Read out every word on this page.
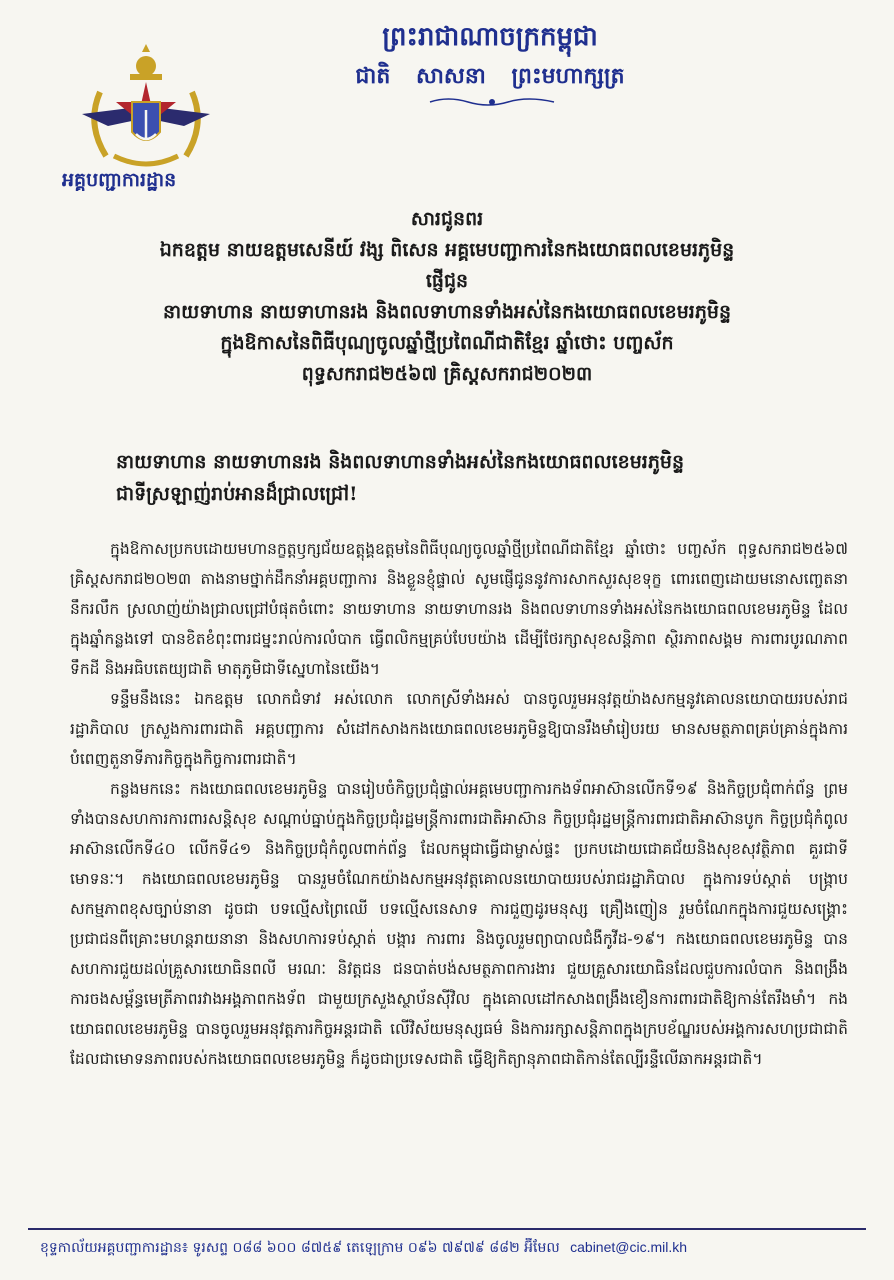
អគ្គបញ្ជាការដ្ឋាន
ព្រះរាជាណាចក្រកម្ពុជា
ជាតិ សាសនា ព្រះមហាក្សត្រ
សារជូនពរ
ឯកឧត្តម នាយឧត្តមសេនីយ៍ វង្ស ពិសេន អគ្គមេបញ្ជាការនៃកងយោធពលខេមរភូមិន្ទ
ផ្ញើជូន
នាយទាហាន នាយទាហានរង និងពលទាហានទាំងអស់នៃកងយោធពលខេមរភូមិន្ទ
ក្នុងឱកាសនៃពិធីបុណ្យចូលឆ្នាំថ្មីប្រពៃណីជាតិខ្មែរ ឆ្នាំថោះ បញ្ចស័ក
ពុទ្ធសករាជ២៥៦៧ គ្រិស្តសករាជ២០២៣
នាយទាហាន នាយទាហានរង និងពលទាហានទាំងអស់នៃកងយោធពលខេមរភូមិន្ទ
ជាទីស្រឡាញ់រាប់អានដ៏ជ្រាលជ្រៅ!

ក្នុងឱកាសប្រកបដោយមហានក្ខត្តឫក្សជ័យឧត្តុង្គឧត្តមនៃពិធីបុណ្យចូលឆ្នាំថ្មីប្រពៃណីជាតិខ្មែរ ឆ្នាំថោះ បញ្ចស័ក ពុទ្ធសករាជ២៥៦៧ គ្រិស្តសករាជ២០២៣ តាងនាមថ្នាក់ដឹកនាំអគ្គបញ្ជាការ និងខ្លួនខ្ញុំផ្ទាល់ សូមផ្ញើជូននូវការសាកសួរសុខទុក្ខ ពោរពេញដោយមនោសញ្ចេតនានឹករលឹក ស្រលាញ់យ៉ាងជ្រាលជ្រៅបំផុតចំពោះ នាយទាហាន នាយទាហានរង និងពលទាហានទាំងអស់នៃកងយោធពលខេមរភូមិន្ទ ដែលក្នុងឆ្នាំកន្លងទៅ បានខិតខំពុះពារជម្នះរាល់ការលំបាក ធ្វើពលិកម្មគ្រប់បែបយ៉ាង ដើម្បីថែរក្សាសុខសន្តិភាព ស្ថិរភាពសង្គម ការពារបូរណភាពទឹកដី និងអធិបតេយ្យជាតិ មាតុភូមិជាទីស្នេហានៃយើង។

ទន្ទឹមនឹងនេះ ឯកឧត្តម លោកជំទាវ អស់លោក លោកស្រីទាំងអស់ បានចូលរួមអនុវត្តយ៉ាងសកម្មនូវគោលនយោបាយរបស់រាជរដ្ឋាភិបាល ក្រសួងការពារជាតិ អគ្គបញ្ជាការ សំដៅកសាងកងយោធពលខេមរភូមិន្ទឱ្យបានរឹងមាំរៀបរយ មានសមត្ថភាពគ្រប់គ្រាន់ក្នុងការបំពេញតួនាទីភារកិច្ចក្នុងកិច្ចការពារជាតិ។

កន្លងមកនេះ កងយោធពលខេមរភូមិន្ទ បានរៀបចំកិច្ចប្រជុំផ្ទាល់អគ្គមេបញ្ជាការកងទ័ពអាស៊ានលើកទី១៩ និងកិច្ចប្រជុំពាក់ព័ន្ធ ព្រមទាំងបានសហការការពារសន្តិសុខ សណ្តាប់ធ្នាប់ក្នុងកិច្ចប្រជុំរដ្ឋមន្ត្រីការពារជាតិអាស៊ាន កិច្ចប្រជុំរដ្ឋមន្ត្រីការពារជាតិអាស៊ានបូក កិច្ចប្រជុំកំពូលអាស៊ានលើកទី៤០ លើកទី៤១ និងកិច្ចប្រជុំកំពូលពាក់ព័ន្ធ ដែលកម្ពុជាធ្វើជាម្ចាស់ផ្ទះ ប្រកបដោយជោគជ័យនិងសុខសុវត្ថិភាព គួរជាទីមោទនៈ។ កងយោធពលខេមរភូមិន្ទ បានរួមចំណែកយ៉ាងសកម្មអនុវត្តគោលនយោបាយរបស់រាជរដ្ឋាភិបាល ក្នុងការទប់ស្កាត់ បង្ក្រាបសកម្មភាពខុសច្បាប់នានា ដូចជា បទល្មើសព្រៃឈើ បទល្មើសនេសាទ ការជួញដូរមនុស្ស គ្រឿងញៀន រួមចំណែកក្នុងការជួយសង្គ្រោះប្រជាជនពីគ្រោះមហន្តរាយនានា និងសហការទប់ស្កាត់ បង្ការ ការពារ និងចូលរួមព្យាបាលជំងឺកូវីដ-១៩។ កងយោធពលខេមរភូមិន្ទ បានសហការជួយដល់គ្រួសារយោធិនពលី មរណៈ និវត្តជន ជនបាត់បង់សមត្ថភាពការងារ ជួយគ្រួសារយោធិនដែលជួបការលំបាក និងពង្រឹងការចងសម្ព័ន្ធមេត្រីភាពរវាងអង្គភាពកងទ័ព ជាមួយក្រសួងស្ថាប័នស៊ីវិល ក្នុងគោលដៅកសាងពង្រឹងខឿនការពារជាតិឱ្យកាន់តែរឹងមាំ។ កងយោធពលខេមរភូមិន្ទ បានចូលរួមអនុវត្តភារកិច្ចអន្តរជាតិ លើវិស័យមនុស្សធម៌ និងការរក្សាសន្តិភាពក្នុងក្របខ័ណ្ឌរបស់អង្គការសហប្រជាជាតិ ដែលជាមោទនភាពរបស់កងយោធពលខេមរភូមិន្ទ ក៏ដូចជាប្រទេសជាតិ ធ្វើឱ្យកិត្យានុភាពជាតិកាន់តែល្បីរន្ទឺលើឆាកអន្តរជាតិ។

ខុទ្ទកាល័យអគ្គបញ្ជាការដ្ឋាន៖ ទូរសព្ទ ០៨៨ ៦០០ ៨៧៥៩ តេឡេក្រាម ០៩៦ ៧៩៧៩ ៨៨២ អ៊ីមែល cabinet@cic.mil.kh
